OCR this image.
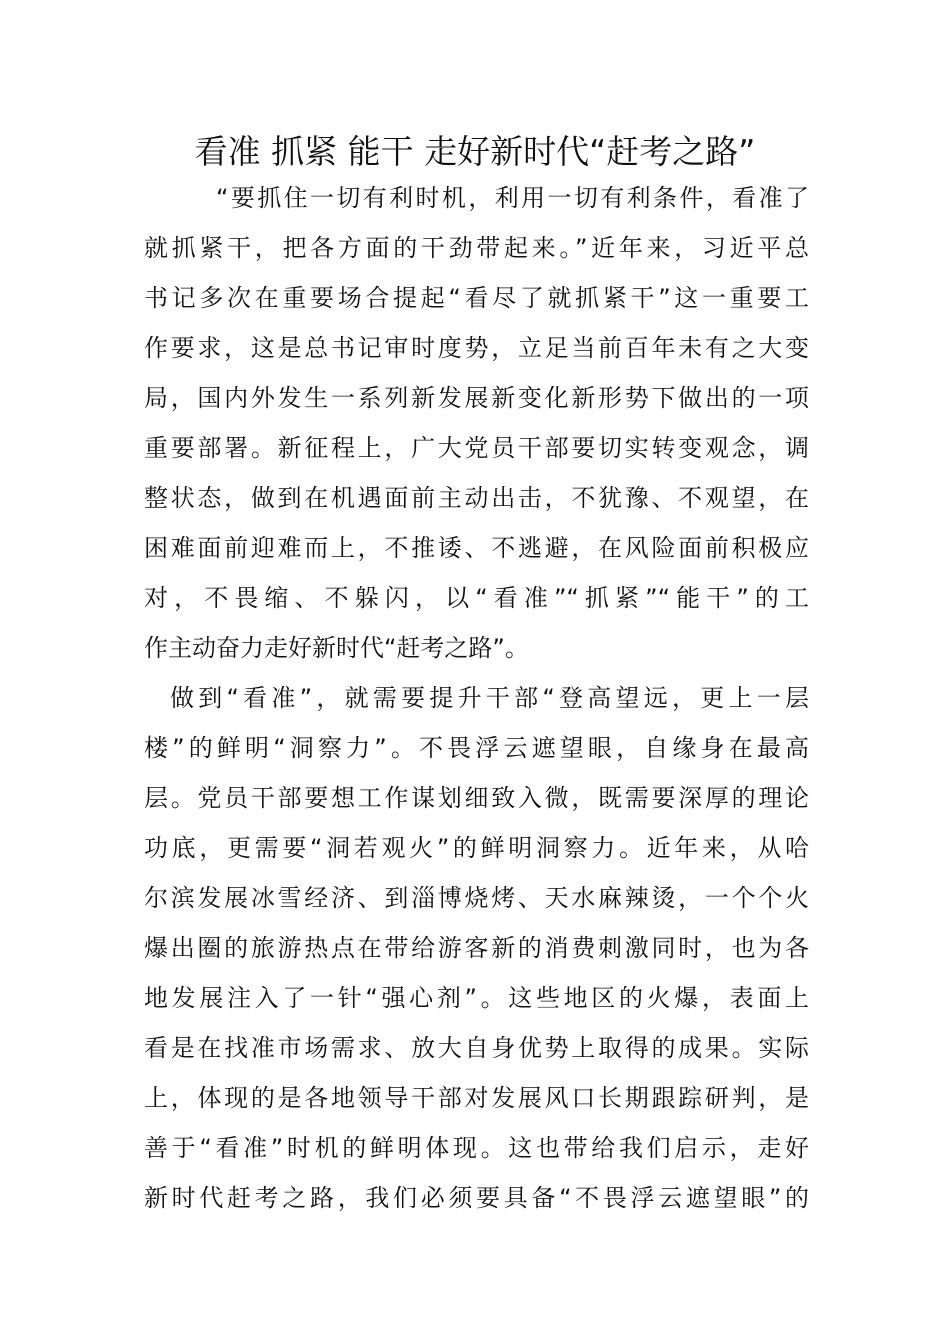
看准 抓紧 能干 走好新时代“赶考之路”
“要抓住一切有利时机，利用一切有利条件，看准了
就抓紧干，把各方面的干劲带起来。”近年来，习近平总
书记多次在重要场合提起“看尽了就抓紧干”这一重要工
作要求，这是总书记审时度势，立足当前百年未有之大变
局，国内外发生一系列新发展新变化新形势下做出的一项
重要部署。新征程上，广大党员干部要切实转变观念，调
整状态，做到在机遇面前主动出击，不犹豫、不观望，在
困难面前迎难而上，不推诿、不逃避，在风险面前积极应
对，不畏缩、不躲闪，以“看准”“抓紧”“能干”的工
作主动奋力走好新时代“赶考之路”。
做到“看准”，就需要提升干部“登高望远，更上一层
楼”的鲜明“洞察力”。不畏浮云遮望眼，自缘身在最高
层。党员干部要想工作谋划细致入微，既需要深厚的理论
功底，更需要“洞若观火”的鲜明洞察力。近年来，从哈
尔滨发展冰雪经济、到淄博烧烤、天水麻辣烫，一个个火
爆出圈的旅游热点在带给游客新的消费刺激同时，也为各
地发展注入了一针“强心剂”。这些地区的火爆，表面上
看是在找准市场需求、放大自身优势上取得的成果。实际
上，体现的是各地领导干部对发展风口长期跟踪研判，是
善于“看准”时机的鲜明体现。这也带给我们启示，走好
新时代赶考之路，我们必须要具备“不畏浮云遮望眼”的
